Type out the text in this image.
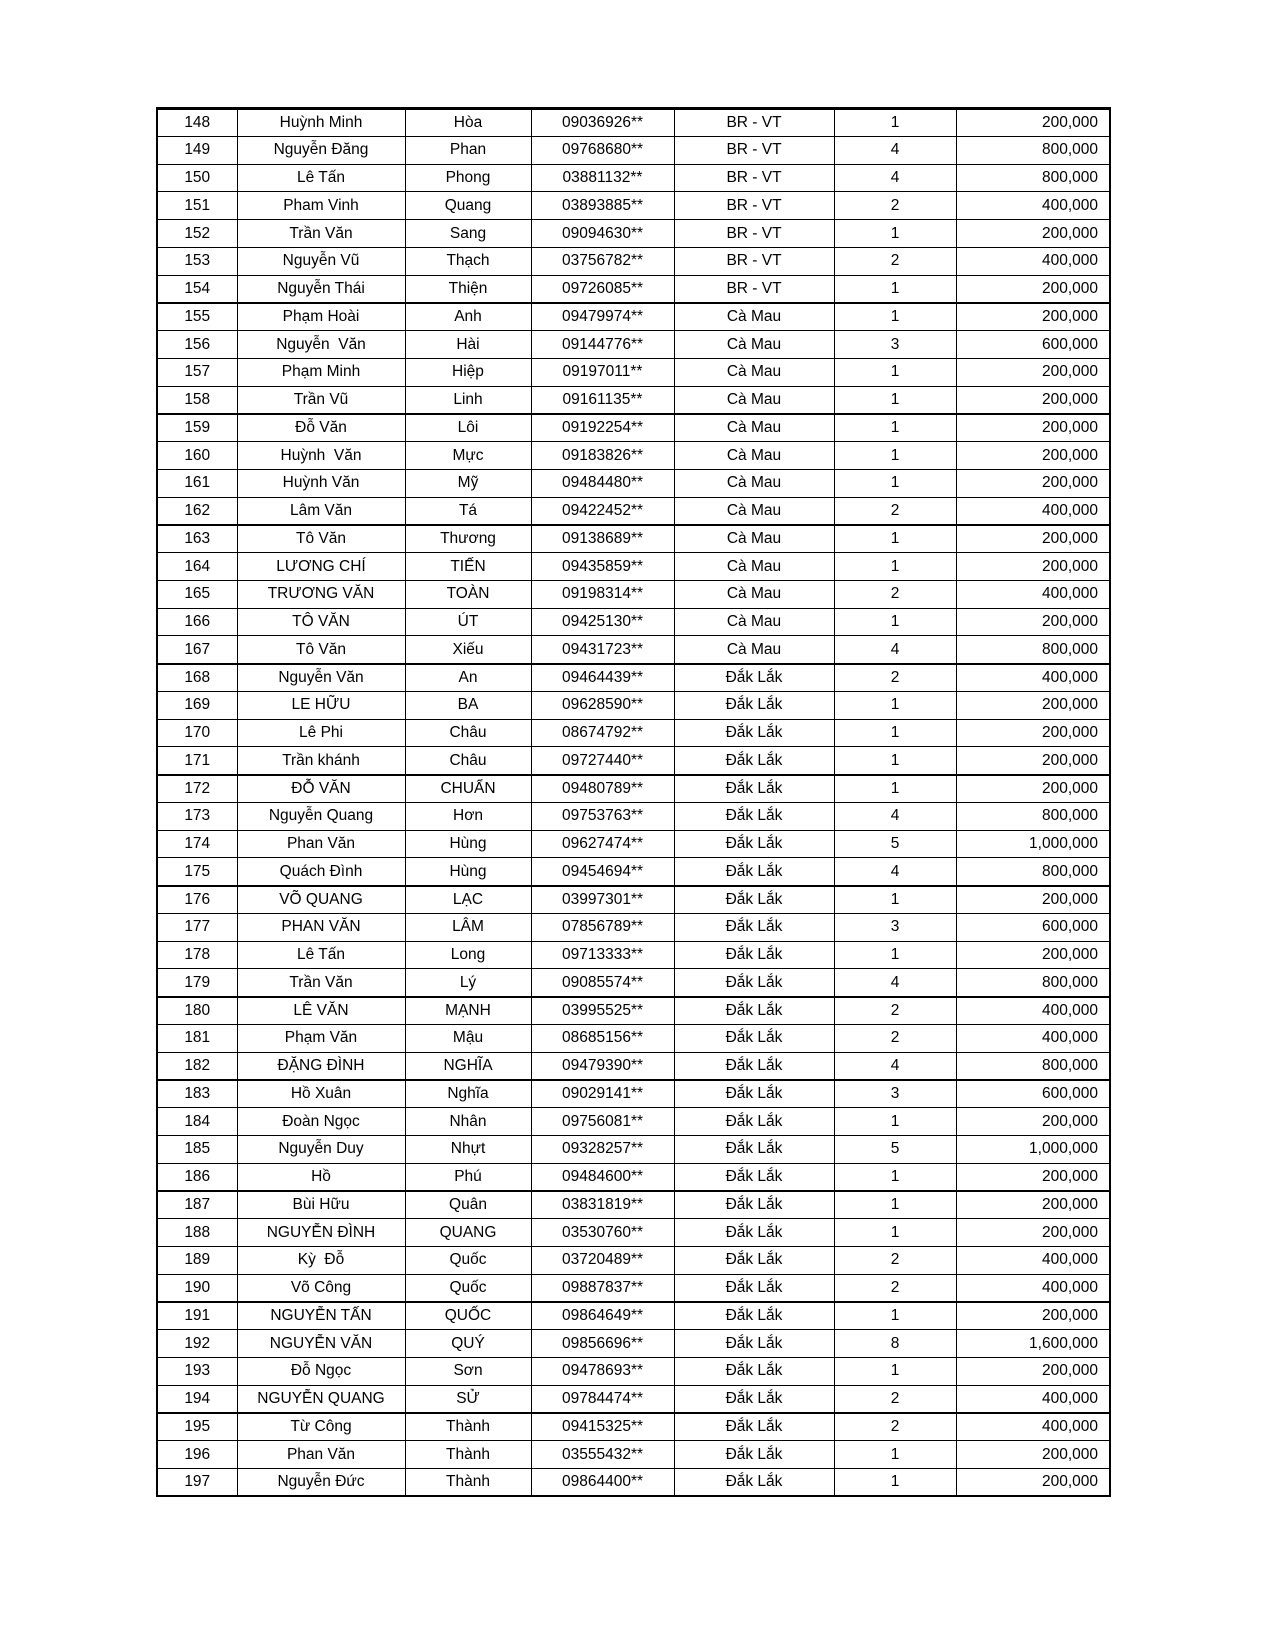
148	Huỳnh Minh	Hòa	09036926**	BR - VT	1	200,000
149	Nguyễn Đăng	Phan	09768680**	BR - VT	4	800,000
150	Lê Tấn	Phong	03881132**	BR - VT	4	800,000
151	Pham Vinh	Quang	03893885**	BR - VT	2	400,000
152	Trần Văn	Sang	09094630**	BR - VT	1	200,000
153	Nguyễn Vũ	Thạch	03756782**	BR - VT	2	400,000
154	Nguyễn Thái	Thiện	09726085**	BR - VT	1	200,000
155	Phạm Hoài	Anh	09479974**	Cà Mau	1	200,000
156	Nguyễn  Văn	Hài	09144776**	Cà Mau	3	600,000
157	Phạm Minh	Hiệp	09197011**	Cà Mau	1	200,000
158	Trần Vũ	Linh	09161135**	Cà Mau	1	200,000
159	Đỗ Văn	Lôi	09192254**	Cà Mau	1	200,000
160	Huỳnh  Văn	Mực	09183826**	Cà Mau	1	200,000
161	Huỳnh Văn	Mỹ	09484480**	Cà Mau	1	200,000
162	Lâm Văn	Tá	09422452**	Cà Mau	2	400,000
163	Tô Văn	Thương	09138689**	Cà Mau	1	200,000
164	LƯƠNG CHÍ	TIẾN	09435859**	Cà Mau	1	200,000
165	TRƯƠNG VĂN	TOÀN	09198314**	Cà Mau	2	400,000
166	TÔ VĂN	ÚT	09425130**	Cà Mau	1	200,000
167	Tô Văn	Xiếu	09431723**	Cà Mau	4	800,000
168	Nguyễn Văn	An	09464439**	Đắk Lắk	2	400,000
169	LE HỮU	BA	09628590**	Đắk Lắk	1	200,000
170	Lê Phi	Châu	08674792**	Đắk Lắk	1	200,000
171	Trần khánh	Châu	09727440**	Đắk Lắk	1	200,000
172	ĐỖ VĂN	CHUẨN	09480789**	Đắk Lắk	1	200,000
173	Nguyễn Quang	Hơn	09753763**	Đắk Lắk	4	800,000
174	Phan Văn	Hùng	09627474**	Đắk Lắk	5	1,000,000
175	Quách Đình	Hùng	09454694**	Đắk Lắk	4	800,000
176	VÕ QUANG	LẠC	03997301**	Đắk Lắk	1	200,000
177	PHAN VĂN	LÂM	07856789**	Đắk Lắk	3	600,000
178	Lê Tấn	Long	09713333**	Đắk Lắk	1	200,000
179	Trần Văn	Lý	09085574**	Đắk Lắk	4	800,000
180	LÊ VĂN	MẠNH	03995525**	Đắk Lắk	2	400,000
181	Phạm Văn	Mậu	08685156**	Đắk Lắk	2	400,000
182	ĐẶNG ĐÌNH	NGHĨA	09479390**	Đắk Lắk	4	800,000
183	Hồ Xuân	Nghĩa	09029141**	Đắk Lắk	3	600,000
184	Đoàn Ngọc	Nhân	09756081**	Đắk Lắk	1	200,000
185	Nguyễn Duy	Nhựt	09328257**	Đắk Lắk	5	1,000,000
186	Hồ	Phú	09484600**	Đắk Lắk	1	200,000
187	Bùi Hữu	Quân	03831819**	Đắk Lắk	1	200,000
188	NGUYỄN ĐÌNH	QUANG	03530760**	Đắk Lắk	1	200,000
189	Kỳ  Đỗ	Quốc	03720489**	Đắk Lắk	2	400,000
190	Võ Công	Quốc	09887837**	Đắk Lắk	2	400,000
191	NGUYỄN TẤN	QUỐC	09864649**	Đắk Lắk	1	200,000
192	NGUYỄN VĂN	QUÝ	09856696**	Đắk Lắk	8	1,600,000
193	Đỗ Ngọc	Sơn	09478693**	Đắk Lắk	1	200,000
194	NGUYỄN QUANG	SỬ	09784474**	Đắk Lắk	2	400,000
195	Từ Công	Thành	09415325**	Đắk Lắk	2	400,000
196	Phan Văn	Thành	03555432**	Đắk Lắk	1	200,000
197	Nguyễn Đức	Thành	09864400**	Đắk Lắk	1	200,000
